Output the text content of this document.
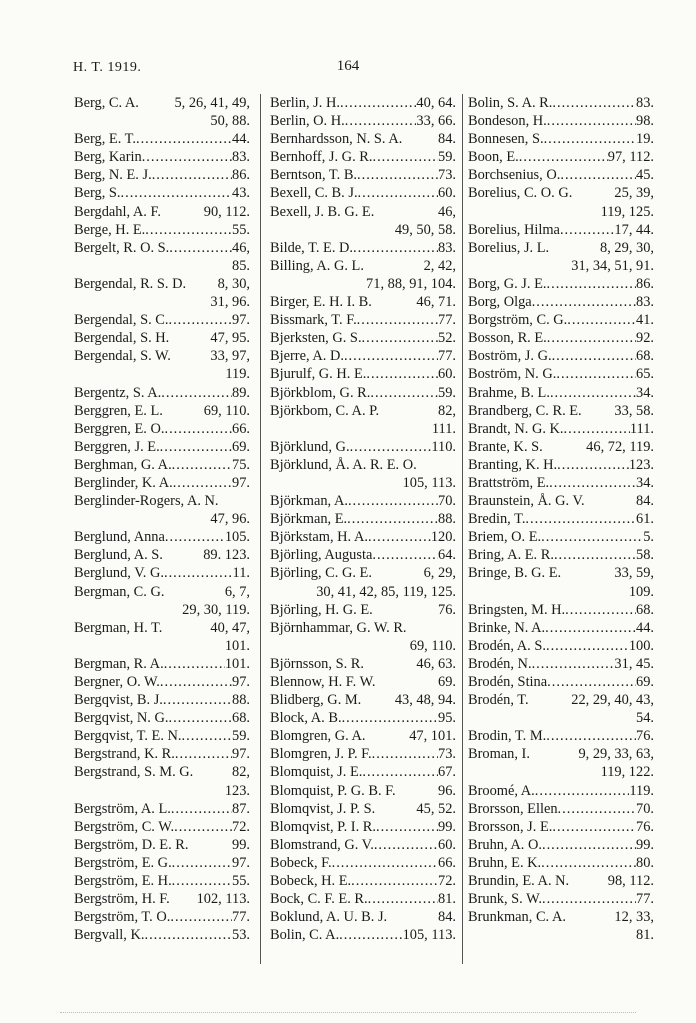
H. T. 1919.	164
Berg, C. A. 5, 26, 41, 49,
50, 88.
Berg, E. T. .....	44.
Berg, Karin .....	83.
Berg, N. E. J. .....	86.
Berg, S. .....	43.
Bergdahl, A. F.	90, 112.
Berge, H. E. .....	55.
Bergelt, R. O. S. .....	46,
85.
Bergendal, R. S. D. 8, 30,
31, 96.
Bergendal, S. C. .....	97.
Bergendal, S. H.	47, 95.
Bergendal, S. W.	33, 97,
119.
Bergentz, S. A. .....	89.
Berggren, E. L.	69, 110.
Berggren, E. O. .....	66.
Berggren, J. E. .....	69.
Berghman, G. A. .....	75.
Berglinder, K. A. .....	97.
Berglinder-Rogers, A. N.
47, 96.
Berglund, Anna .....	105.
Berglund, A. S.	89. 123.
Berglund, V. G. .....	11.
Bergman, C. G.	6, 7,
29, 30, 119.
Bergman, H. T.	40, 47,
101.
Bergman, R. A. .....	101.
Bergner, O. W. .....	97.
Bergqvist, B. J. .....	88.
Bergqvist, N. G. .....	68.
Bergqvist, T. E. N. .....	59.
Bergstrand, K. R. .....	97.
Bergstrand, S. M. G.	82,
123.
Bergström, A. L. .....	87.
Bergström, C. W. .....	72.
Bergström, D. E. R.	99.
Bergström, E. G. .....	97.
Bergström, E. H. .....	55.
Bergström, H. F. 102, 113.
Bergström, T. O. .....	77.
Bergvall, K. .....	53.
Berlin, J. H. .....	40, 64.
Berlin, O. H. .....	33, 66.
Bernhardsson, N. S. A. 84.
Bernhoff, J. G. R. .....	59.
Berntson, T. B. .....	73.
Bexell, C. B. J. .....	60.
Bexell, J. B. G. E.	46,
49, 50, 58.
Bilde, T. E. D. .....	83.
Billing, A. G. L.	2, 42,
71, 88, 91, 104.
Birger, E. H. I. B.	46, 71.
Bissmark, T. F. .....	77.
Bjerksten, G. S. .....	52.
Bjerre, A. D. .....	77.
Bjurulf, G. H. E. .....	60.
Björkblom, G. R. .....	59.
Björkbom, C. A. P.	82,
111.
Björklund, G. .....	110.
Björklund, Å. A. R. E. O.
105, 113.
Björkman, A. .....	70.
Björkman, E. .....	88.
Björkstam, H. A. .....	120.
Björling, Augusta .....	64.
Björling, C. G. E.	6, 29,
30, 41, 42, 85, 119, 125.
Björling, H. G. E.	76.
Björnhammar, G. W. R.
69, 110.
Björnsson, S. R.	46, 63.
Blennow, H. F. W.	69.
Blidberg, G. M. 43, 48, 94.
Block, A. B. .....	95.
Blomgren, G. A.	47, 101.
Blomgren, J. P. F. .....	73.
Blomquist, J. E. .....	67.
Blomquist, P. G. B. F.	96.
Blomqvist, J. P. S.	45, 52.
Blomqvist, P. I. R. .....	99.
Blomstrand, G. V. .....	60.
Bobeck, F. .....	66.
Bobeck, H. E. .....	72.
Bock, C. F. E. R. .....	81.
Boklund, A. U. B. J.	84.
Bolin, C. A. .....	105, 113.
Bolin, S. A. R. .....	83.
Bondeson, H. .....	98.
Bonnesen, S. .....	19.
Boon, E. .....	97, 112.
Borchsenius, O. .....	45.
Borelius, C. O. G.	25, 39,
119, 125.
Borelius, Hilma .....	17, 44.
Borelius, J. L.	8, 29, 30,
31, 34, 51, 91.
Borg, G. J. E. .....	86.
Borg, Olga .....	83.
Borgström, C. G. .....	41.
Bosson, R. E. .....	92.
Boström, J. G. .....	68.
Boström, N. G. .....	65.
Brahme, B. L. .....	34.
Brandberg, C. R. E. 33, 58.
Brandt, N. G. K. .....	111.
Brante, K. S.	46, 72, 119.
Branting, K. H. .....	123.
Brattström, E. .....	34.
Braunstein, Å. G. V.	84.
Bredin, T. .....	61.
Briem, O. E. .....	5.
Bring, A. E. R. .....	58.
Bringe, B. G. E.	33, 59,
109.
Bringsten, M. H. .....	68.
Brinke, N. A. .....	44.
Brodén, A. S. .....	100.
Brodén, N. .....	31, 45.
Brodén, Stina .....	69.
Brodén, T.	22, 29, 40, 43,
54.
Brodin, T. M. .....	76.
Broman, I.	9, 29, 33, 63,
119, 122.
Broomé, A. .....	119.
Brorsson, Ellen .....	70.
Brorsson, J. E. .....	76.
Bruhn, A. O. .....	99.
Bruhn, E. K. .....	80.
Brundin, E. A. N.	98, 112.
Brunk, S. W. .....	77.
Brunkman, C. A.	12, 33,
81.
